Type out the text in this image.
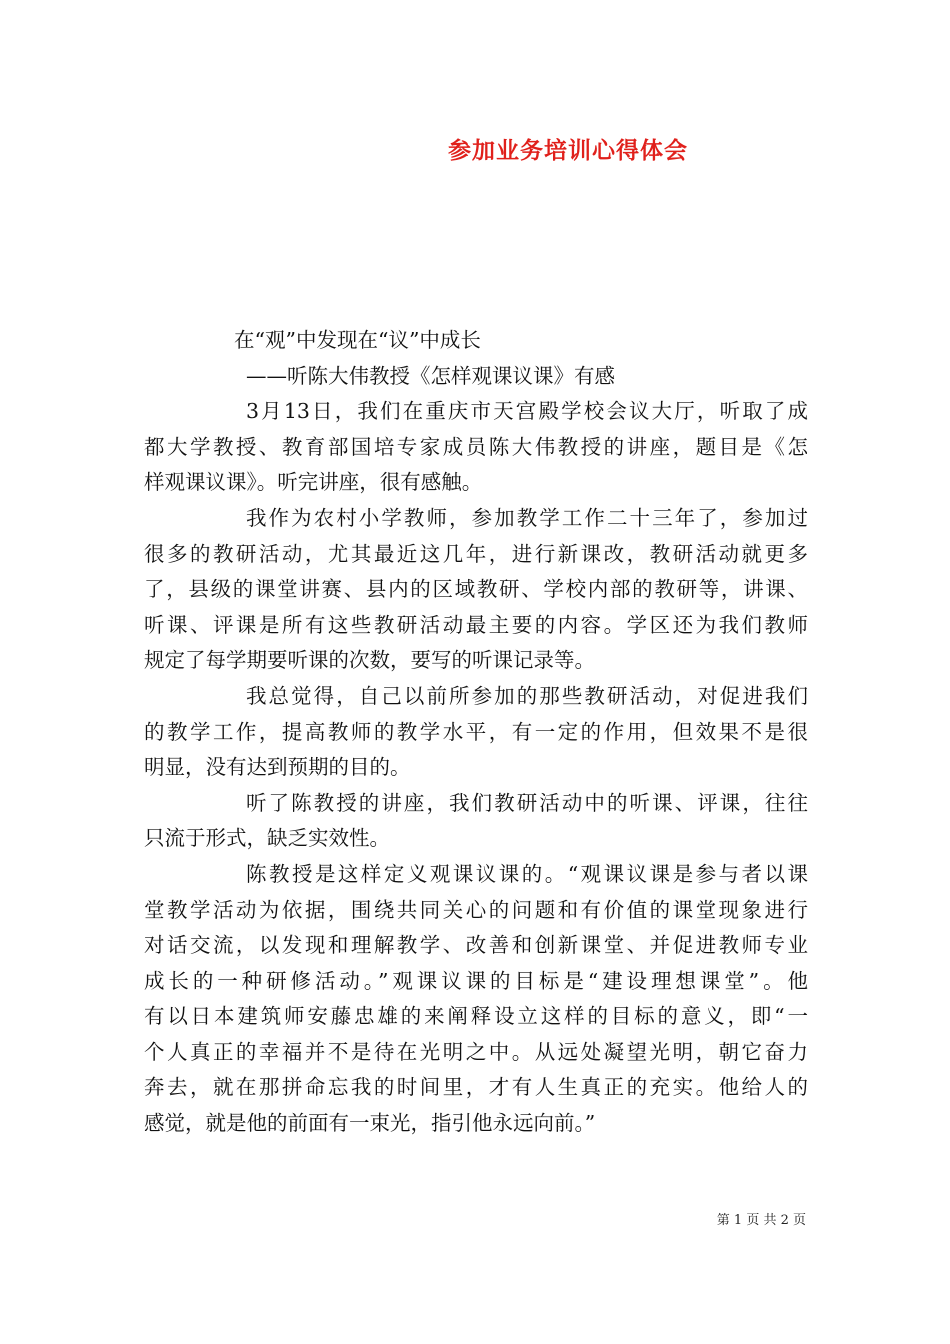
参加业务培训心得体会
在“观”中发现在“议”中成长
——听陈大伟教授《怎样观课议课》有感
3月13日，我们在重庆市天宫殿学校会议大厅，听取了成
都大学教授、教育部国培专家成员陈大伟教授的讲座，题目是《怎
样观课议课》。听完讲座，很有感触。
我作为农村小学教师，参加教学工作二十三年了，参加过
很多的教研活动，尤其最近这几年，进行新课改，教研活动就更多
了，县级的课堂讲赛、县内的区域教研、学校内部的教研等，讲课、
听课、评课是所有这些教研活动最主要的内容。学区还为我们教师
规定了每学期要听课的次数，要写的听课记录等。
我总觉得，自己以前所参加的那些教研活动，对促进我们
的教学工作，提高教师的教学水平，有一定的作用，但效果不是很
明显，没有达到预期的目的。
听了陈教授的讲座，我们教研活动中的听课、评课，往往
只流于形式，缺乏实效性。
陈教授是这样定义观课议课的。“观课议课是参与者以课
堂教学活动为依据，围绕共同关心的问题和有价值的课堂现象进行
对话交流，以发现和理解教学、改善和创新课堂、并促进教师专业
成长的一种研修活动。”观课议课的目标是“建设理想课堂”。他
有以日本建筑师安藤忠雄的来阐释设立这样的目标的意义，即“一
个人真正的幸福并不是待在光明之中。从远处凝望光明，朝它奋力
奔去，就在那拼命忘我的时间里，才有人生真正的充实。他给人的
感觉，就是他的前面有一束光，指引他永远向前。”
第 1 页 共 2 页
